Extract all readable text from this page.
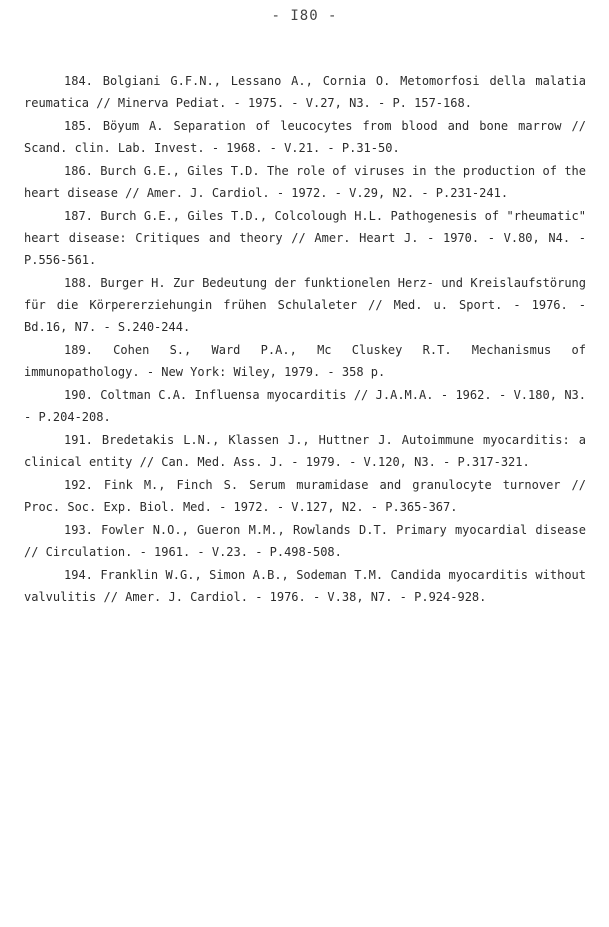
- I80 -

184. Bolgiani G.F.N., Lessano A., Cornia O. Metomorfosi della malatia reumatica // Minerva Pediat. - 1975. - V.27, N3. - P. 157-168.

185. Böyum A. Separation of leucocytes from blood and bone marrow // Scand. clin. Lab. Invest. - 1968. - V.21. - P.31-50.

186. Burch G.E., Giles T.D. The role of viruses in the production of the heart disease // Amer. J. Cardiol. - 1972. - V.29, N2. - P.231-241.

187. Burch G.E., Giles T.D., Colcolough H.L. Pathogenesis of "rheumatic" heart disease: Critiques and theory // Amer. Heart J. - 1970. - V.80, N4. - P.556-561.

188. Burger H. Zur Bedeutung der funktionelen Herz- und Kreislaufstörung für die Körpererziehungin frühen Schulaleter // Med. u. Sport. - 1976. - Bd.16, N7. - S.240-244.

189. Cohen S., Ward P.A., Mc Cluskey R.T. Mechanismus of immunopathology. - New York: Wiley, 1979. - 358 p.

190. Coltman C.A. Influensa myocarditis // J.A.M.A. - 1962. - V.180, N3. - P.204-208.

191. Bredetakis L.N., Klassen J., Huttner J. Autoimmune myocarditis: a clinical entity // Can. Med. Ass. J. - 1979. - V.120, N3. - P.317-321.

192. Fink M., Finch S. Serum muramidase and granulocyte turnover // Proc. Soc. Exp. Biol. Med. - 1972. - V.127, N2. - P.365-367.

193. Fowler N.O., Gueron M.M., Rowlands D.T. Primary myocardial disease // Circulation. - 1961. - V.23. - P.498-508.

194. Franklin W.G., Simon A.B., Sodeman T.M. Candida myocarditis without valvulitis // Amer. J. Cardiol. - 1976. - V.38, N7. - P.924-928.
